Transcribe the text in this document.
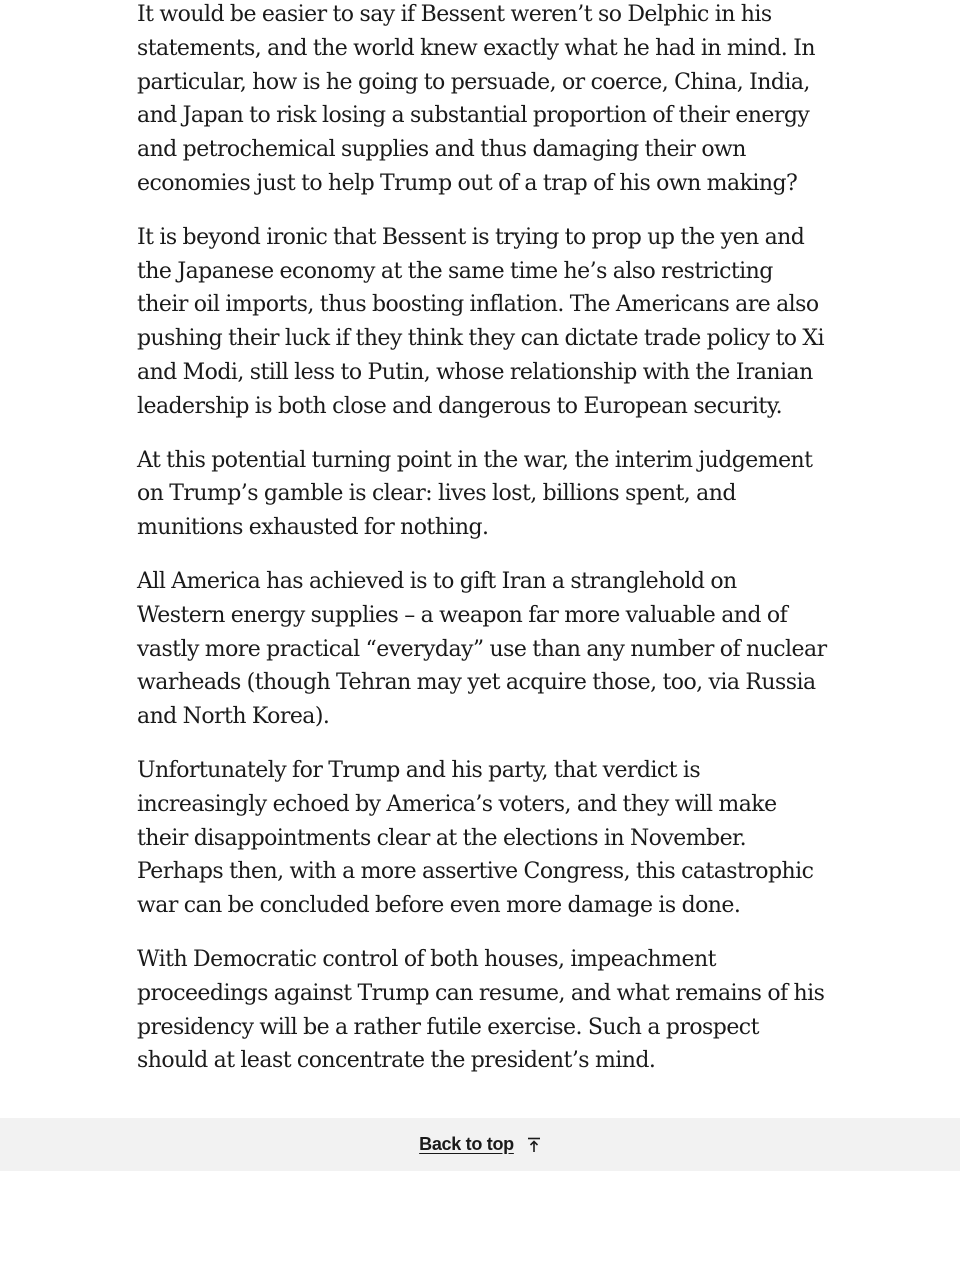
It would be easier to say if Bessent weren’t so Delphic in his statements, and the world knew exactly what he had in mind. In particular, how is he going to persuade, or coerce, China, India, and Japan to risk losing a substantial proportion of their energy and petrochemical supplies and thus damaging their own economies just to help Trump out of a trap of his own making?

It is beyond ironic that Bessent is trying to prop up the yen and the Japanese economy at the same time he’s also restricting their oil imports, thus boosting inflation. The Americans are also pushing their luck if they think they can dictate trade policy to Xi and Modi, still less to Putin, whose relationship with the Iranian leadership is both close and dangerous to European security.

At this potential turning point in the war, the interim judgement on Trump’s gamble is clear: lives lost, billions spent, and munitions exhausted for nothing.

All America has achieved is to gift Iran a stranglehold on Western energy supplies – a weapon far more valuable and of vastly more practical “everyday” use than any number of nuclear warheads (though Tehran may yet acquire those, too, via Russia and North Korea).

Unfortunately for Trump and his party, that verdict is increasingly echoed by America’s voters, and they will make their disappointments clear at the elections in November. Perhaps then, with a more assertive Congress, this catastrophic war can be concluded before even more damage is done.

With Democratic control of both houses, impeachment proceedings against Trump can resume, and what remains of his presidency will be a rather futile exercise. Such a prospect should at least concentrate the president’s mind.

Back to top
